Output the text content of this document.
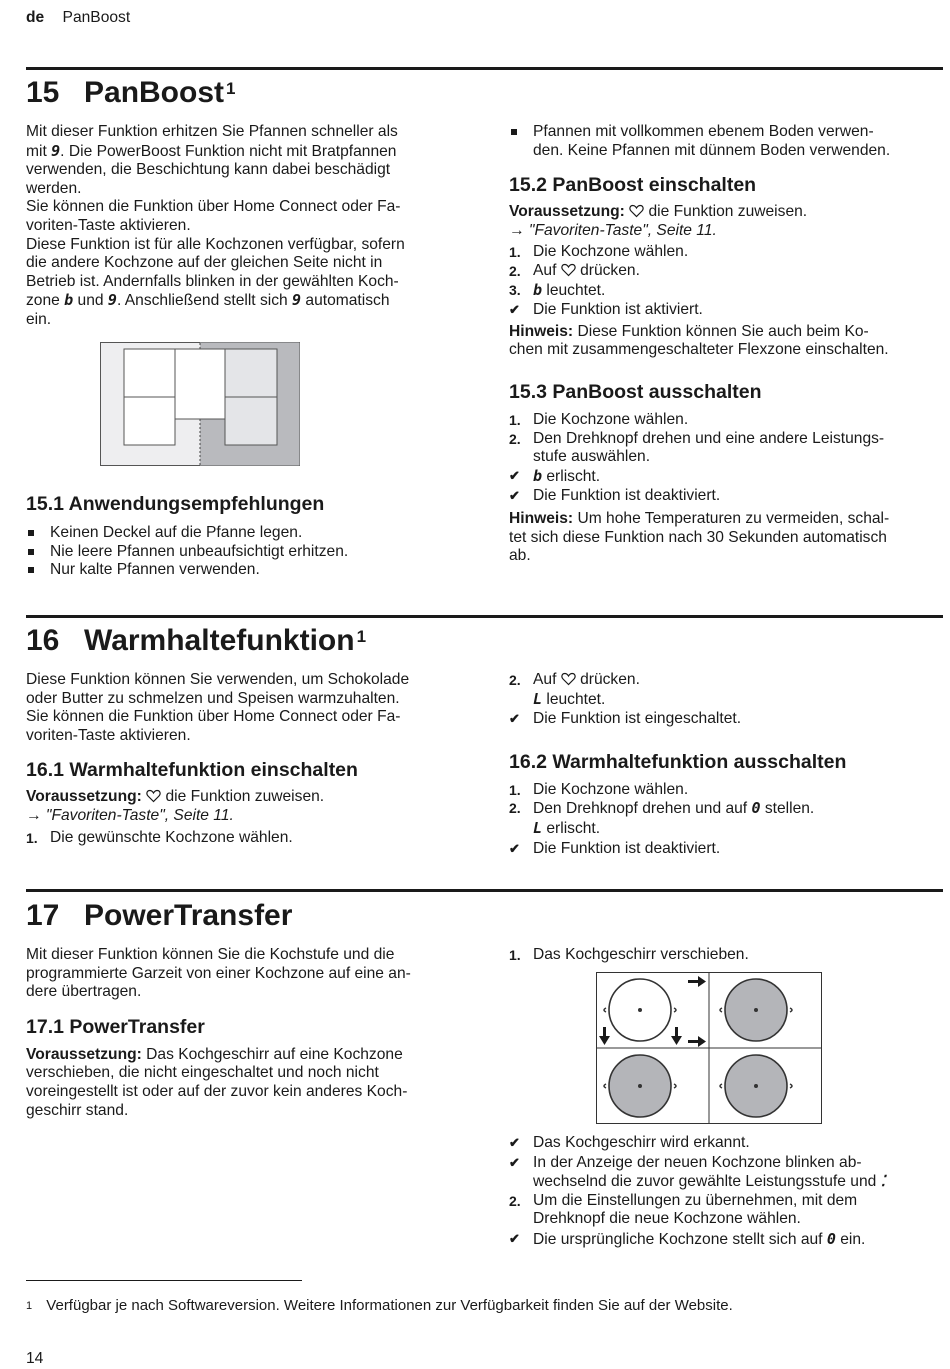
de PanBoost
15 PanBoost $^1$

Mit dieser Funktion erhitzen Sie Pfannen schneller als

mit 9. Die PowerBoost Funktion nicht mit Bratpfannen

verwenden, die Beschichtung kann dabei beschädigt

werden.

Sie können die Funktion über Home Connect oder Fa-

voriten-Taste aktivieren.

Diese Funktion ist für alle Kochzonen verfügbar, sofern

die andere Kochzone auf der gleichen Seite nicht in

Betrieb ist. Andernfalls blinken in der gewählten Koch-

zone b und 9. Anschließend stellt sich 9 automatisch

ein.

15.1 Anwendungsempfehlungen
Keinen Deckel auf die Pfanne legen.
Nie leere Pfannen unbeaufsichtigt erhitzen.
Nur kalte Pfannen verwenden.
Pfannen mit vollkommen ebenem Boden verwen-
den. Keine Pfannen mit dünnem Boden verwenden.
15.2 PanBoost einschalten

Voraussetzung: die Funktion zuweisen.

→ "Favoriten-Taste", Seite 11.

1. Die Kochzone wählen.
2. Auf drücken.
3. b leuchtet.
✔ Die Funktion ist aktiviert.

Hinweis: Diese Funktion können Sie auch beim Ko-
chen mit zusammengeschalteter Flexzone einschalten.

15.3 PanBoost ausschalten
1. Die Kochzone wählen.
2. Den Drehknopf drehen und eine andere Leistungs-
stufe auswählen.
✔ b erlischt.
✔ Die Funktion ist deaktiviert.

Hinweis: Um hohe Temperaturen zu vermeiden, schal-
tet sich diese Funktion nach 30 Sekunden automatisch
ab.

16 Warmhaltefunktion $^1$

Diese Funktion können Sie verwenden, um Schokolade

oder Butter zu schmelzen und Speisen warmzuhalten.

Sie können die Funktion über Home Connect oder Fa-

voriten-Taste aktivieren.

16.1 Warmhaltefunktion einschalten

Voraussetzung: die Funktion zuweisen.

→ "Favoriten-Taste", Seite 11.

1. Die gewünschte Kochzone wählen.
2. Auf drücken.
L leuchtet.
✔ Die Funktion ist eingeschaltet.
16.2 Warmhaltefunktion ausschalten
1. Die Kochzone wählen.
2. Den Drehknopf drehen und auf 0 stellen.
L erlischt.
✔ Die Funktion ist deaktiviert.
17 PowerTransfer

Mit dieser Funktion können Sie die Kochstufe und die

programmierte Garzeit von einer Kochzone auf eine an-

dere übertragen.

17.1 PowerTransfer

Voraussetzung: Das Kochgeschirr auf eine Kochzone
verschieben, die nicht eingeschaltet und noch nicht
voreingestellt ist oder auf der zuvor kein anderes Koch-
geschirr stand.

1. Das Kochgeschirr verschieben.
✔ Das Kochgeschirr wird erkannt.
✔ In der Anzeige der neuen Kochzone blinken ab-
wechselnd die zuvor gewählte Leistungsstufe und ⁚
2. Um die Einstellungen zu übernehmen, mit dem
Drehknopf die neue Kochzone wählen.
✔ Die ursprüngliche Kochzone stellt sich auf 0 ein.
$^1$ Verfügbar je nach Softwareversion. Weitere Informationen zur Verfügbarkeit finden Sie auf der Website.
14
